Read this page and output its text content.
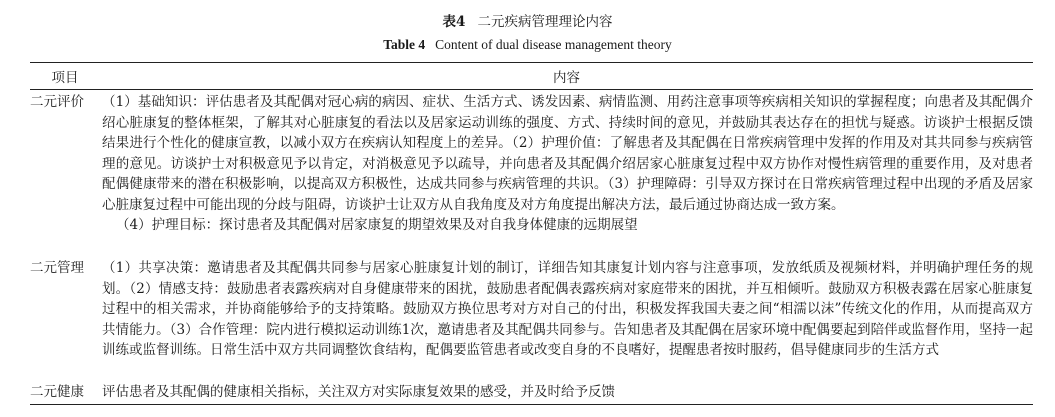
表4 二元疾病管理理论内容
Table 4 Content of dual disease management theory
项目	内容
二元评价	（1）基础知识：评估患者及其配偶对冠心病的病因、症状、生活方式、诱发因素、病情监测、用药注意事项等疾病相关知识的掌握程度；向患者及其配偶介绍心脏康复的整体框架，了解其对心脏康复的看法以及居家运动训练的强度、方式、持续时间的意见，并鼓励其表达存在的担忧与疑惑。访谈护士根据反馈结果进行个性化的健康宣教，以减小双方在疾病认知程度上的差异。（2）护理价值：了解患者及其配偶在日常疾病管理中发挥的作用及对其共同参与疾病管理的意见。访谈护士对积极意见予以肯定，对消极意见予以疏导，并向患者及其配偶介绍居家心脏康复过程中双方协作对慢性病管理的重要作用，及对患者配偶健康带来的潜在积极影响，以提高双方积极性，达成共同参与疾病管理的共识。（3）护理障碍：引导双方探讨在日常疾病管理过程中出现的矛盾及居家心脏康复过程中可能出现的分歧与阻碍，访谈护士让双方从自我角度及对方角度提出解决方法，最后通过协商达成一致方案。
（4）护理目标：探讨患者及其配偶对居家康复的期望效果及对自我身体健康的远期展望
二元管理	（1）共享决策：邀请患者及其配偶共同参与居家心脏康复计划的制订，详细告知其康复计划内容与注意事项，发放纸质及视频材料，并明确护理任务的规划。（2）情感支持：鼓励患者表露疾病对自身健康带来的困扰，鼓励患者配偶表露疾病对家庭带来的困扰，并互相倾听。鼓励双方积极表露在居家心脏康复过程中的相关需求，并协商能够给予的支持策略。鼓励双方换位思考对方对自己的付出，积极发挥我国夫妻之间“相濡以沫”传统文化的作用，从而提高双方共情能力。（3）合作管理：院内进行模拟运动训练1次，邀请患者及其配偶共同参与。告知患者及其配偶在居家环境中配偶要起到陪伴或监督作用，坚持一起训练或监督训练。日常生活中双方共同调整饮食结构，配偶要监管患者或改变自身的不良嗜好，提醒患者按时服药，倡导健康同步的生活方式
二元健康	评估患者及其配偶的健康相关指标，关注双方对实际康复效果的感受，并及时给予反馈
